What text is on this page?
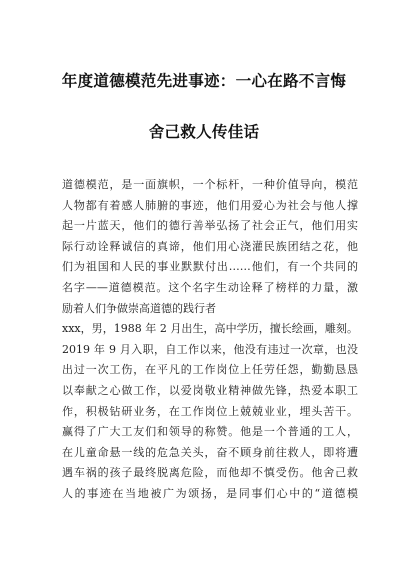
年度道德模范先进事迹：一心在路不言悔
舍己救人传佳话
道德模范，是一面旗帜，一个标杆，一种价值导向，模范
人物都有着感人肺腑的事迹，他们用爱心为社会与他人撑
起一片蓝天，他们的德行善举弘扬了社会正气，他们用实
际行动诠释诚信的真谛，他们用心浇灌民族团结之花，他
们为祖国和人民的事业默默付出……他们，有一个共同的
名字——道德模范。这个名字生动诠释了榜样的力量，激
励着人们争做崇高道德的践行者
xxx，男，1988 年 2 月出生，高中学历，擅长绘画，雕刻。
2019 年 9 月入职，自工作以来，他没有违过一次章，也没
出过一次工伤，在平凡的工作岗位上任劳任怨，勤勤恳恳
以奉献之心做工作，以爱岗敬业精神做先锋，热爱本职工
作，积极钻研业务，在工作岗位上兢兢业业，埋头苦干。
赢得了广大工友们和领导的称赞。他是一个普通的工人，
在儿童命悬一线的危急关头，奋不顾身前往救人，即将遭
遇车祸的孩子最终脱离危险，而他却不慎受伤。他舍己救
人的事迹在当地被广为颂扬，是同事们心中的“道德模
